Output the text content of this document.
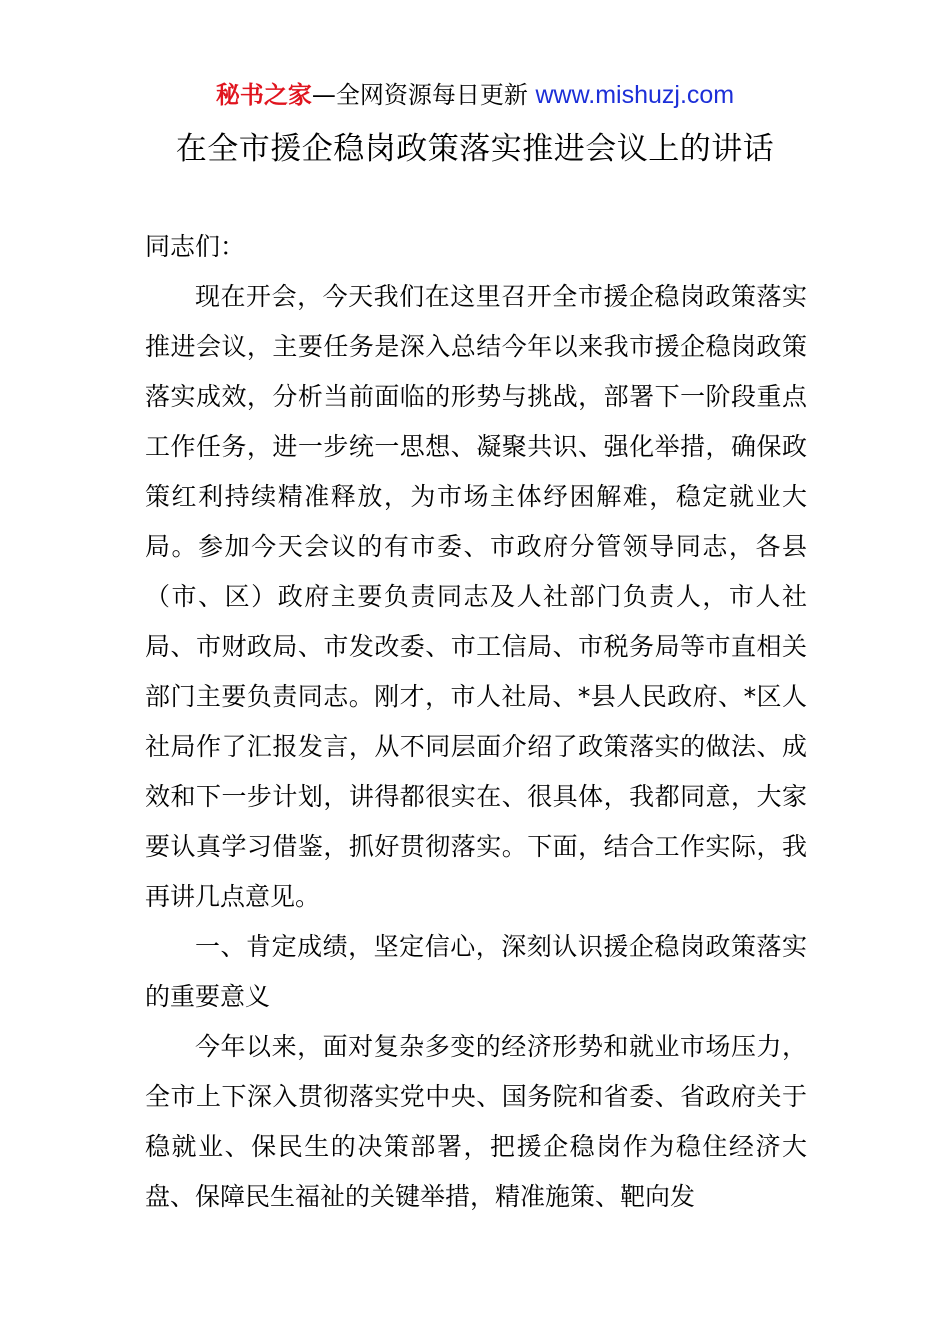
秘书之家—全网资源每日更新 www.mishuzj.com
在全市援企稳岗政策落实推进会议上的讲话

同志们：

现在开会，今天我们在这里召开全市援企稳岗政策落实推进会议，主要任务是深入总结今年以来我市援企稳岗政策落实成效，分析当前面临的形势与挑战，部署下一阶段重点工作任务，进一步统一思想、凝聚共识、强化举措，确保政策红利持续精准释放，为市场主体纾困解难，稳定就业大局。参加今天会议的有市委、市政府分管领导同志，各县（市、区）政府主要负责同志及人社部门负责人，市人社局、市财政局、市发改委、市工信局、市税务局等市直相关部门主要负责同志。刚才，市人社局、*县人民政府、*区人社局作了汇报发言，从不同层面介绍了政策落实的做法、成效和下一步计划，讲得都很实在、很具体，我都同意，大家要认真学习借鉴，抓好贯彻落实。下面，结合工作实际，我再讲几点意见。

一、肯定成绩，坚定信心，深刻认识援企稳岗政策落实的重要意义

今年以来，面对复杂多变的经济形势和就业市场压力，全市上下深入贯彻落实党中央、国务院和省委、省政府关于稳就业、保民生的决策部署，把援企稳岗作为稳住经济大盘、保障民生福祉的关键举措，精准施策、靶向发
